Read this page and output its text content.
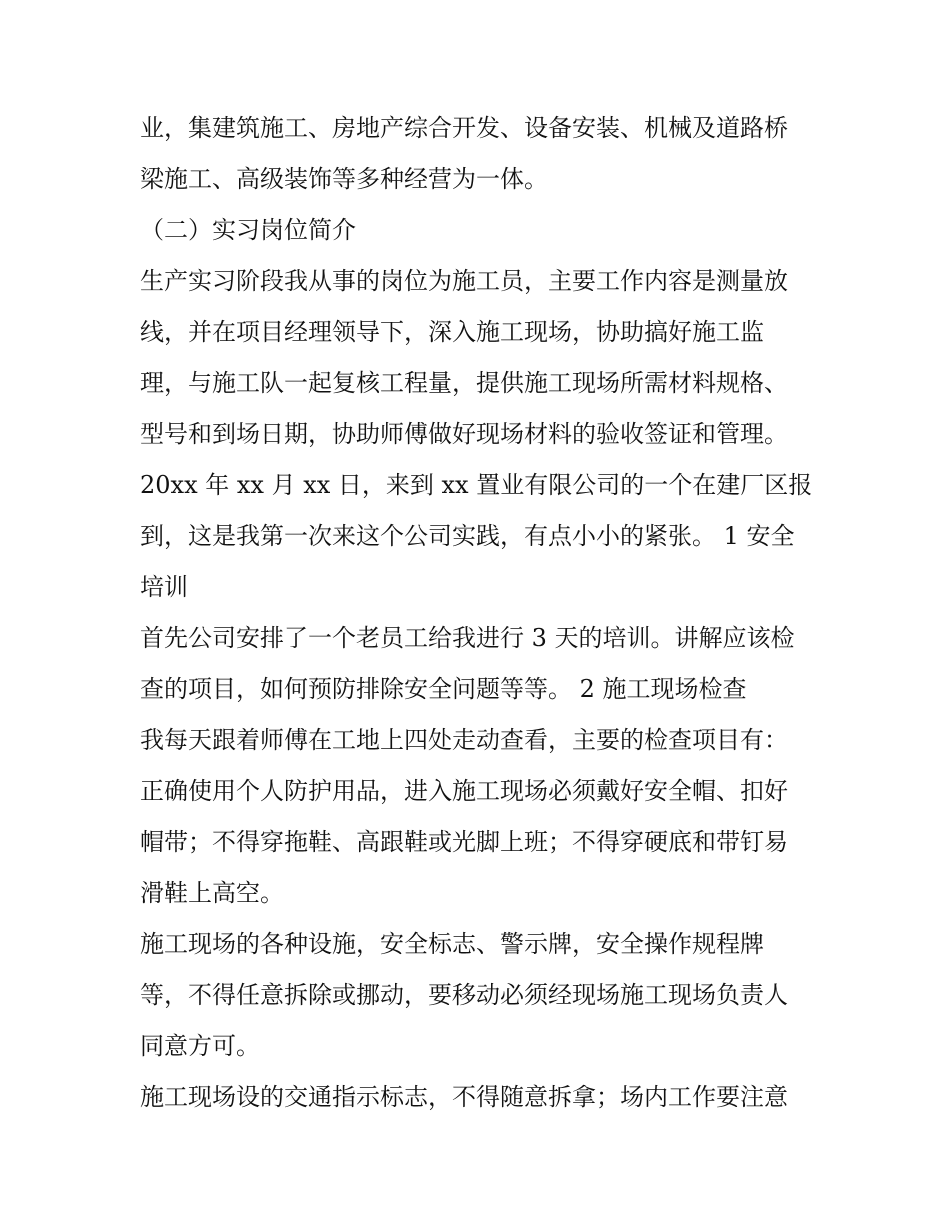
业，集建筑施工、房地产综合开发、设备安装、机械及道路桥
梁施工、高级装饰等多种经营为一体。
（二）实习岗位简介
生产实习阶段我从事的岗位为施工员，主要工作内容是测量放
线，并在项目经理领导下，深入施工现场，协助搞好施工监
理，与施工队一起复核工程量，提供施工现场所需材料规格、
型号和到场日期，协助师傅做好现场材料的验收签证和管理。
20xx 年 xx 月 xx 日，来到 xx 置业有限公司的一个在建厂区报
到，这是我第一次来这个公司实践，有点小小的紧张。 1 安全
培训
首先公司安排了一个老员工给我进行 3 天的培训。讲解应该检
查的项目，如何预防排除安全问题等等。 2 施工现场检查
我每天跟着师傅在工地上四处走动查看，主要的检查项目有：
正确使用个人防护用品，进入施工现场必须戴好安全帽、扣好
帽带；不得穿拖鞋、高跟鞋或光脚上班；不得穿硬底和带钉易
滑鞋上高空。
施工现场的各种设施，安全标志、警示牌，安全操作规程牌
等，不得任意拆除或挪动，要移动必须经现场施工现场负责人
同意方可。
施工现场设的交通指示标志，不得随意拆拿；场内工作要注意
